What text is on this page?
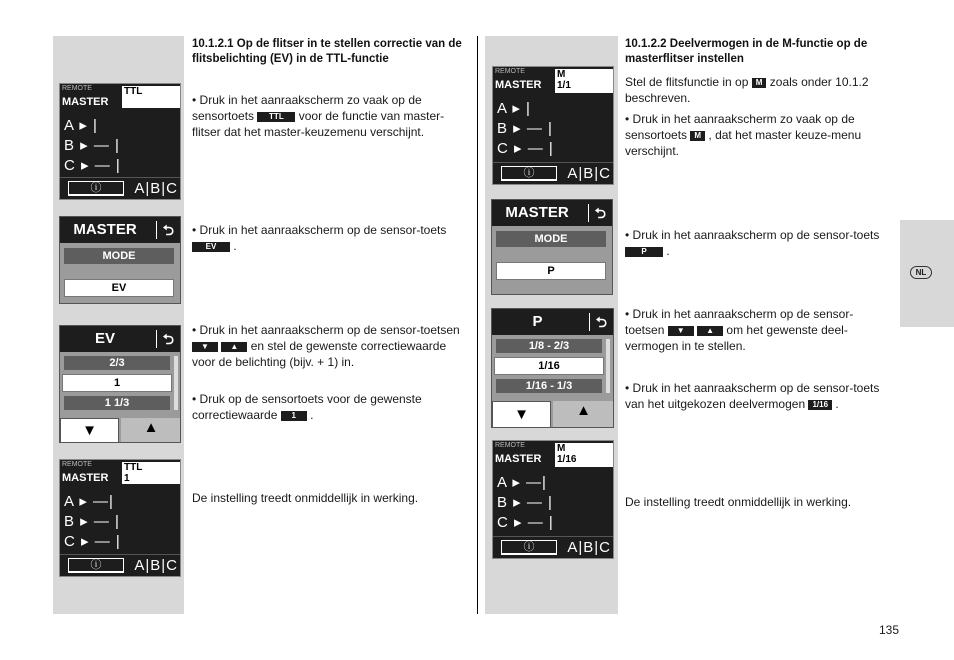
NL
REMOTE
MASTER
TTL
A ▸ |
B ▸ — |
C ▸ — |
ⓘ	A|B|C
MASTER	⮌
MODE
EV
EV	⮌
2/3
1
1 1/3
▼	▲
REMOTE
MASTER
TTL
1
A ▸ —|
B ▸ — |
C ▸ — |
ⓘ	A|B|C
10.1.2.1 Op de flitser in te stellen correctie van de flitsbelichting (EV) in de TTL-functie
• Druk in het aanraakscherm zo vaak op de sensortoets TTL voor de functie van master-flitser dat het master-keuzemenu verschijnt.
• Druk in het aanraakscherm op de sensor-toets EV .
• Druk in het aanraakscherm op de sensor-toetsen ▼	▲ en stel de gewenste correctiewaarde voor de belichting (bijv. + 1) in.
• Druk op de sensortoets voor de gewenste correctiewaarde 1 .
De instelling treedt onmiddellijk in werking.
REMOTE
MASTER
M
1/1
A ▸ |
B ▸ — |
C ▸ — |
ⓘ	A|B|C
MASTER	⮌
MODE
P
P	⮌
1/8 - 2/3
1/16
1/16 - 1/3
▼	▲
REMOTE
MASTER
M
1/16
A ▸ —|
B ▸ — |
C ▸ — |
ⓘ	A|B|C
10.1.2.2 Deelvermogen in de M-functie op de masterflitser instellen
Stel de flitsfunctie in op M zoals onder 10.1.2 beschreven.
• Druk in het aanraakscherm zo vaak op de sensortoets M , dat het master keuze-menu verschijnt.
• Druk in het aanraakscherm op de sensor-toets P .
• Druk in het aanraakscherm op de sensor-toetsen ▼	▲ om het gewenste deel-vermogen in te stellen.
• Druk in het aanraakscherm op de sensor-toets van het uitgekozen deelvermogen 1/16 .
De instelling treedt onmiddellijk in werking.
135
